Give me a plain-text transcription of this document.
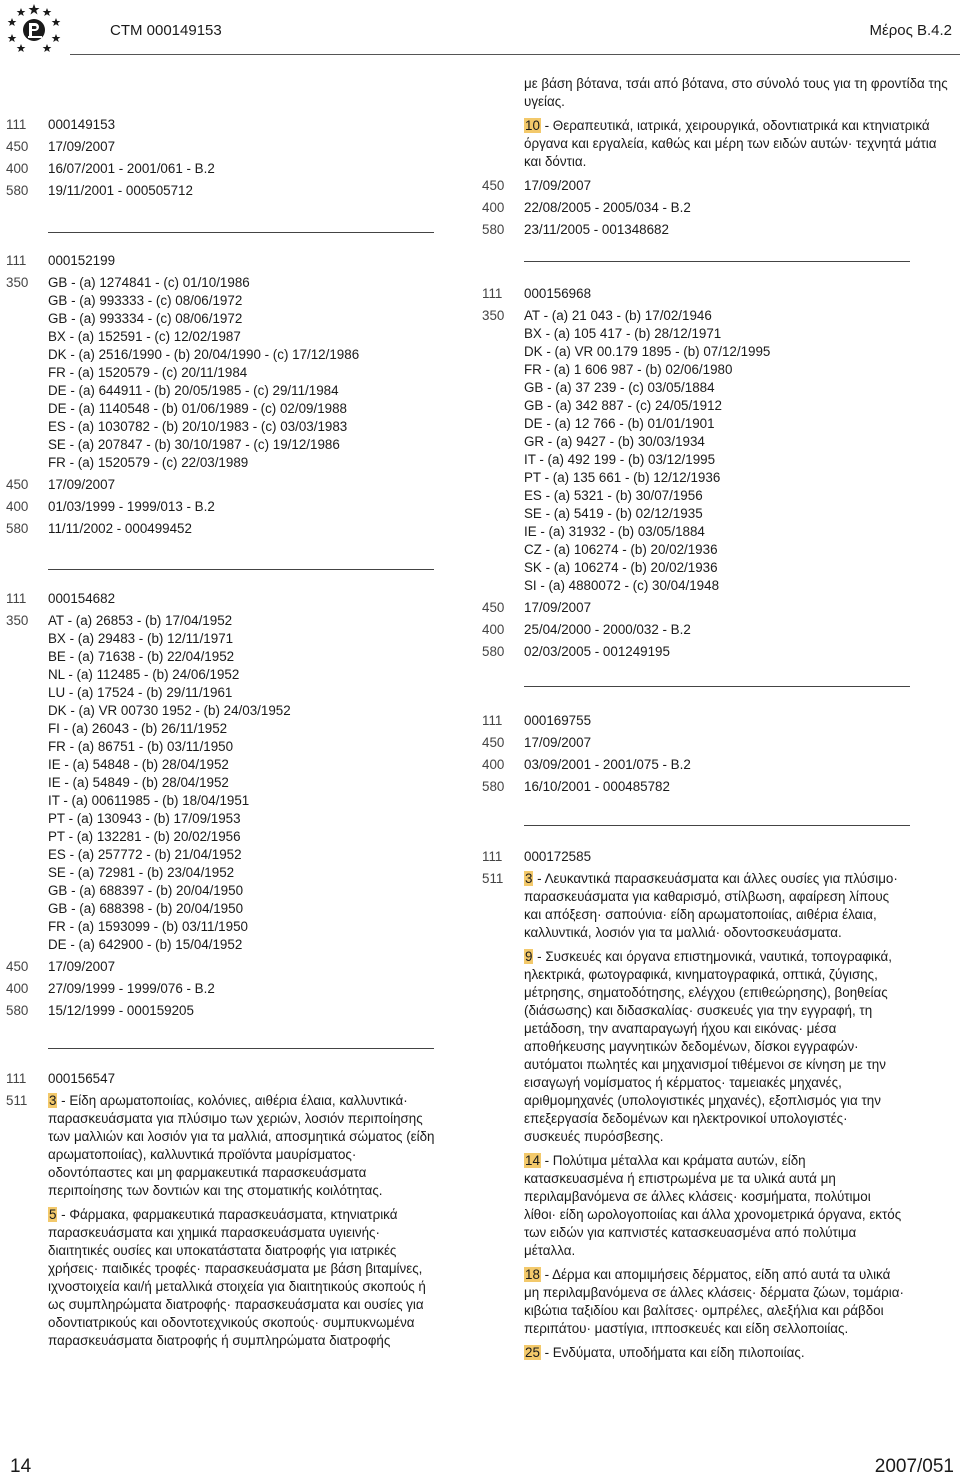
CTM 000149153	Μέρος Β.4.2
111	000149153
450	17/09/2007
400	16/07/2001 - 2001/061 - B.2
580	19/11/2001 - 000505712
111	000152199
350	GB - (a) 1274841 - (c) 01/10/1986
GB - (a) 993333 - (c) 08/06/1972
GB - (a) 993334 - (c) 08/06/1972
BX - (a) 152591 - (c) 12/02/1987
DK - (a) 2516/1990 - (b) 20/04/1990 - (c) 17/12/1986
FR - (a) 1520579 - (c) 20/11/1984
DE - (a) 644911 - (b) 20/05/1985 - (c) 29/11/1984
DE - (a) 1140548 - (b) 01/06/1989 - (c) 02/09/1988
ES - (a) 1030782 - (b) 20/10/1983 - (c) 03/03/1983
SE - (a) 207847 - (b) 30/10/1987 - (c) 19/12/1986
FR - (a) 1520579 - (c) 22/03/1989
450	17/09/2007
400	01/03/1999 - 1999/013 - B.2
580	11/11/2002 - 000499452
111	000154682
350	AT - (a) 26853 - (b) 17/04/1952
BX - (a) 29483 - (b) 12/11/1971
BE - (a) 71638 - (b) 22/04/1952
NL - (a) 112485 - (b) 24/06/1952
LU - (a) 17524 - (b) 29/11/1961
DK - (a) VR 00730 1952 - (b) 24/03/1952
FI - (a) 26043 - (b) 26/11/1952
FR - (a) 86751 - (b) 03/11/1950
IE - (a) 54848 - (b) 28/04/1952
IE - (a) 54849 - (b) 28/04/1952
IT - (a) 00611985 - (b) 18/04/1951
PT - (a) 130943 - (b) 17/09/1953
PT - (a) 132281 - (b) 20/02/1956
ES - (a) 257772 - (b) 21/04/1952
SE - (a) 72981 - (b) 23/04/1952
GB - (a) 688397 - (b) 20/04/1950
GB - (a) 688398 - (b) 20/04/1950
FR - (a) 1593099 - (b) 03/11/1950
DE - (a) 642900 - (b) 15/04/1952
450	17/09/2007
400	27/09/1999 - 1999/076 - B.2
580	15/12/1999 - 000159205
111	000156547
511	3 - Είδη αρωματοποιίας, κολόνιες, αιθέρια έλαια, καλλυντικά· παρασκευάσματα για πλύσιμο των χεριών, λοσιόν περιποίησης των μαλλιών και λοσιόν για τα μαλλιά, αποσμητικά σώματος (είδη αρωματοποιίας), καλλυντικά προϊόντα μαυρίσματος· οδοντόπαστες και μη φαρμακευτικά παρασκευάσματα περιποίησης των δοντιών και της στοματικής κοιλότητας.

5 - Φάρμακα, φαρμακευτικά παρασκευάσματα, κτηνιατρικά παρασκευάσματα και χημικά παρασκευάσματα υγιεινής· διαιτητικές ουσίες και υποκατάστατα διατροφής για ιατρικές χρήσεις· παιδικές τροφές· παρασκευάσματα με βάση βιταμίνες, ιχνοστοιχεία και/ή μεταλλικά στοιχεία για διαιτητικούς σκοπούς ή ως συμπληρώματα διατροφής· παρασκευάσματα και ουσίες για οδοντιατρικούς και οδοντοτεχνικούς σκοπούς· συμπυκνωμένα παρασκευάσματα διατροφής ή συμπληρώματα διατροφής

με βάση βότανα, τσάι από βότανα, στο σύνολό τους για τη φροντίδα της υγείας.

10 - Θεραπευτικά, ιατρικά, χειρουργικά, οδοντιατρικά και κτηνιατρικά όργανα και εργαλεία, καθώς και μέρη των ειδών αυτών· τεχνητά μάτια και δόντια.

450	17/09/2007
400	22/08/2005 - 2005/034 - B.2
580	23/11/2005 - 001348682
111	000156968
350	AT - (a) 21 043 - (b) 17/02/1946
BX - (a) 105 417 - (b) 28/12/1971
DK - (a) VR 00.179 1895 - (b) 07/12/1995
FR - (a) 1 606 987 - (b) 02/06/1980
GB - (a) 37 239 - (c) 03/05/1884
GB - (a) 342 887 - (c) 24/05/1912
DE - (a) 12 766 - (b) 01/01/1901
GR - (a) 9427 - (b) 30/03/1934
IT - (a) 492 199 - (b) 03/12/1995
PT - (a) 135 661 - (b) 12/12/1936
ES - (a) 5321 - (b) 30/07/1956
SE - (a) 5419 - (b) 02/12/1935
IE - (a) 31932 - (b) 03/05/1884
CZ - (a) 106274 - (b) 20/02/1936
SK - (a) 106274 - (b) 20/02/1936
SI - (a) 4880072 - (c) 30/04/1948
450	17/09/2007
400	25/04/2000 - 2000/032 - B.2
580	02/03/2005 - 001249195
111	000169755
450	17/09/2007
400	03/09/2001 - 2001/075 - B.2
580	16/10/2001 - 000485782
111	000172585
511	3 - Λευκαντικά παρασκευάσματα και άλλες ουσίες για πλύσιμο· παρασκευάσματα για καθαρισμό, στίλβωση, αφαίρεση λίπους και απόξεση· σαπούνια· είδη αρωματοποιίας, αιθέρια έλαια, καλλυντικά, λοσιόν για τα μαλλιά· οδοντοσκευάσματα.

9 - Συσκευές και όργανα επιστημονικά, ναυτικά, τοπογραφικά, ηλεκτρικά, φωτογραφικά, κινηματογραφικά, οπτικά, ζύγισης, μέτρησης, σηματοδότησης, ελέγχου (επιθεώρησης), βοηθείας (διάσωσης) και διδασκαλίας· συσκευές για την εγγραφή, τη μετάδοση, την αναπαραγωγή ήχου και εικόνας· μέσα αποθήκευσης μαγνητικών δεδομένων, δίσκοι εγγραφών· αυτόματοι πωλητές και μηχανισμοί τιθέμενοι σε κίνηση με την εισαγωγή νομίσματος ή κέρματος· ταμειακές μηχανές, αριθμομηχανές (υπολογιστικές μηχανές), εξοπλισμός για την επεξεργασία δεδομένων και ηλεκτρονικοί υπολογιστές· συσκευές πυρόσβεσης.

14 - Πολύτιμα μέταλλα και κράματα αυτών, είδη κατασκευασμένα ή επιστρωμένα με τα υλικά αυτά μη περιλαμβανόμενα σε άλλες κλάσεις· κοσμήματα, πολύτιμοι λίθοι· είδη ωρολογοποιίας και άλλα χρονομετρικά όργανα, εκτός των ειδών για καπνιστές κατασκευασμένα από πολύτιμα μέταλλα.

18 - Δέρμα και απομιμήσεις δέρματος, είδη από αυτά τα υλικά μη περιλαμβανόμενα σε άλλες κλάσεις· δέρματα ζώων, τομάρια· κιβώτια ταξιδίου και βαλίτσες· ομπρέλες, αλεξήλια και ράβδοι περιπάτου· μαστίγια, ιπποσκευές και είδη σελλοποιίας.

25 - Ενδύματα, υποδήματα και είδη πιλοποιίας.

14	2007/051
